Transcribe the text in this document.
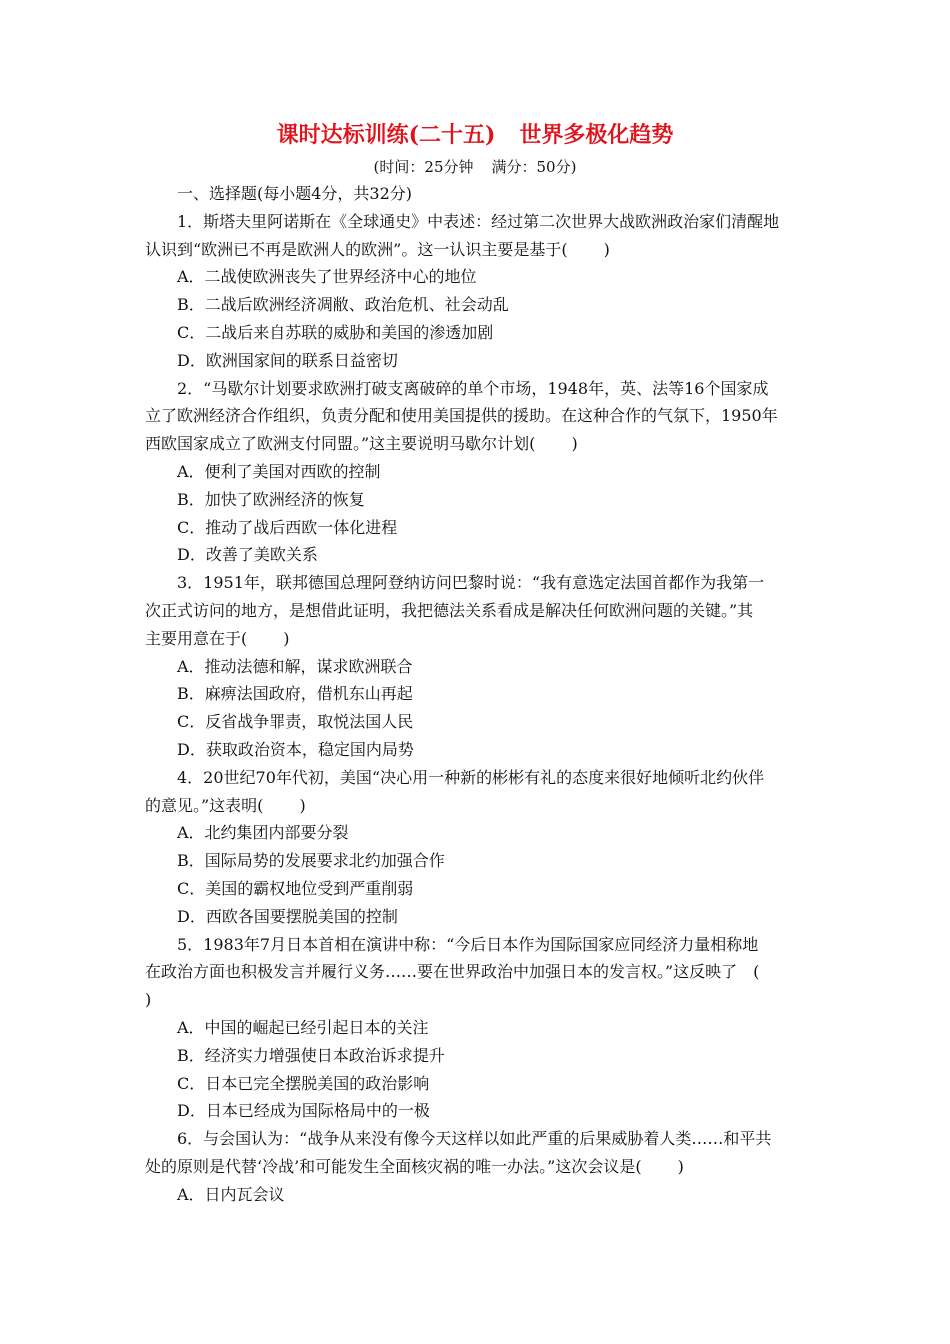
课时达标训练(二十五) 世界多极化趋势
(时间：25分钟 满分：50分)
一、选择题(每小题4分，共32分)
1．斯塔夫里阿诺斯在《全球通史》中表述：经过第二次世界大战欧洲政治家们清醒地
认识到“欧洲已不再是欧洲人的欧洲”。这一认识主要是基于( )
A．二战使欧洲丧失了世界经济中心的地位
B．二战后欧洲经济凋敝、政治危机、社会动乱
C．二战后来自苏联的威胁和美国的渗透加剧
D．欧洲国家间的联系日益密切
2．“马歇尔计划要求欧洲打破支离破碎的单个市场，1948年，英、法等16个国家成
立了欧洲经济合作组织，负责分配和使用美国提供的援助。在这种合作的气氛下，1950年
西欧国家成立了欧洲支付同盟。”这主要说明马歇尔计划( )
A．便利了美国对西欧的控制
B．加快了欧洲经济的恢复
C．推动了战后西欧一体化进程
D．改善了美欧关系
3．1951年，联邦德国总理阿登纳访问巴黎时说：“我有意选定法国首都作为我第一
次正式访问的地方，是想借此证明，我把德法关系看成是解决任何欧洲问题的关键。”其
主要用意在于( )
A．推动法德和解，谋求欧洲联合
B．麻痹法国政府，借机东山再起
C．反省战争罪责，取悦法国人民
D．获取政治资本，稳定国内局势
4．20世纪70年代初，美国“决心用一种新的彬彬有礼的态度来很好地倾听北约伙伴
的意见。”这表明( )
A．北约集团内部要分裂
B．国际局势的发展要求北约加强合作
C．美国的霸权地位受到严重削弱
D．西欧各国要摆脱美国的控制
5．1983年7月日本首相在演讲中称：“今后日本作为国际国家应同经济力量相称地
在政治方面也积极发言并履行义务……要在世界政治中加强日本的发言权。”这反映了　(
)
A．中国的崛起已经引起日本的关注
B．经济实力增强使日本政治诉求提升
C．日本已完全摆脱美国的政治影响
D．日本已经成为国际格局中的一极
6．与会国认为：“战争从来没有像今天这样以如此严重的后果威胁着人类……和平共
处的原则是代替‘冷战’和可能发生全面核灾祸的唯一办法。”这次会议是( )
A．日内瓦会议
